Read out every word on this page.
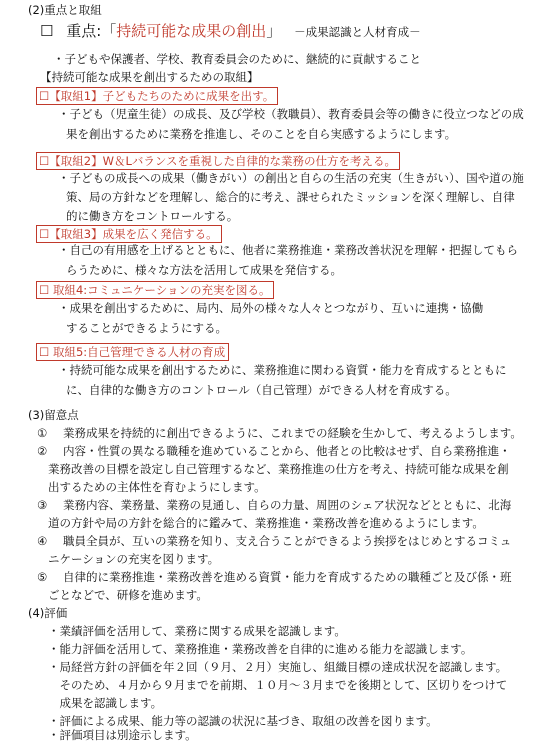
(2)重点と取組
☐ 重点:「持続可能な成果の創出」 －成果認識と人材育成－
・子どもや保護者、学校、教育委員会のために、継続的に貢献すること
【持続可能な成果を創出するための取組】
☐【取組1】子どもたちのために成果を出す。
・子ども（児童生徒）の成長、及び学校（教職員）、教育委員会等の働きに役立つなどの成
果を創出するために業務を推進し、そのことを自ら実感するようにします。
☐【取組2】W＆Lバランスを重視した自律的な業務の仕方を考える。
・子どもの成長への成果（働きがい）の創出と自らの生活の充実（生きがい）、国や道の施
策、局の方針などを理解し、総合的に考え、課せられたミッションを深く理解し、自律
的に働き方をコントロールする。
☐【取組3】成果を広く発信する。
・自己の有用感を上げるとともに、他者に業務推進・業務改善状況を理解・把握してもら
らうために、様々な方法を活用して成果を発信する。
☐ 取組4:コミュニケーションの充実を図る。
・成果を創出するために、局内、局外の様々な人々とつながり、互いに連携・協働
することができるようにする。
☐ 取組5:自己管理できる人材の育成
・持続可能な成果を創出するために、業務推進に関わる資質・能力を育成するとともに
に、自律的な働き方のコントロール（自己管理）ができる人材を育成する。
(3)留意点
①	業務成果を持続的に創出できるように、これまでの経験を生かして、考えるようします。
②	内容・性質の異なる職種を進めていることから、他者との比較はせず、自ら業務推進・
業務改善の目標を設定し自己管理するなど、業務推進の仕方を考え、持続可能な成果を創
出するための主体性を育むようにします。
③	業務内容、業務量、業務の見通し、自らの力量、周囲のシェア状況などとともに、北海
道の方針や局の方針を総合的に鑑みて、業務推進・業務改善を進めるようにします。
④	職員全員が、互いの業務を知り、支え合うことができるよう挨拶をはじめとするコミュ
ニケーションの充実を図ります。
⑤	自律的に業務推進・業務改善を進める資質・能力を育成するための職種ごと及び係・班
ごとなどで、研修を進めます。
(4)評価
・業績評価を活用して、業務に関する成果を認識します。
・能力評価を活用して、業務推進・業務改善を自律的に進める能力を認識します。
・局経営方針の評価を年２回（９月、２月）実施し、組織目標の達成状況を認識します。
　そのため、４月から９月までを前期、１０月～３月までを後期として、区切りをつけて
　成果を認識します。
・評価による成果、能力等の認識の状況に基づき、取組の改善を図ります。
・評価項目は別途示します。
